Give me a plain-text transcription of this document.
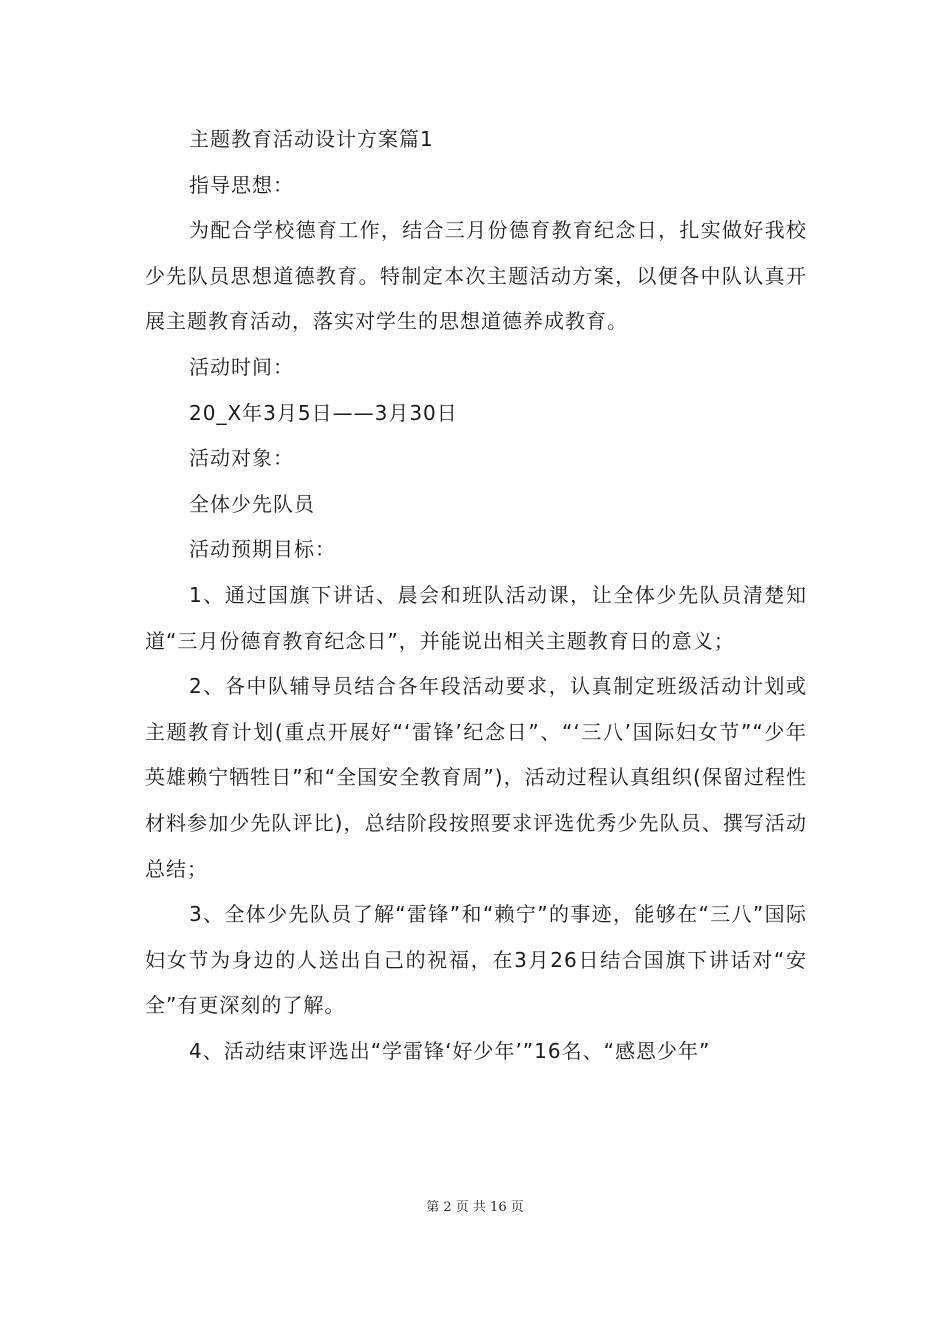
主题教育活动设计方案篇1

指导思想：

为配合学校德育工作，结合三月份德育教育纪念日，扎实做好我校少先队员思想道德教育。特制定本次主题活动方案，以便各中队认真开展主题教育活动，落实对学生的思想道德养成教育。

活动时间：

20_X年3月5日——3月30日

活动对象：

全体少先队员

活动预期目标：

1、通过国旗下讲话、晨会和班队活动课，让全体少先队员清楚知道“三月份德育教育纪念日”，并能说出相关主题教育日的意义；

2、各中队辅导员结合各年段活动要求，认真制定班级活动计划或主题教育计划(重点开展好“‘雷锋’纪念日”、“‘三八’国际妇女节”“少年英雄赖宁牺牲日”和“全国安全教育周”)，活动过程认真组织(保留过程性材料参加少先队评比)，总结阶段按照要求评选优秀少先队员、撰写活动总结；

3、全体少先队员了解“雷锋”和“赖宁”的事迹，能够在“三八”国际妇女节为身边的人送出自己的祝福，在3月26日结合国旗下讲话对“安全”有更深刻的了解。

4、活动结束评选出“学雷锋‘好少年’”16名、“感恩少年”

第 2 页 共 16 页
